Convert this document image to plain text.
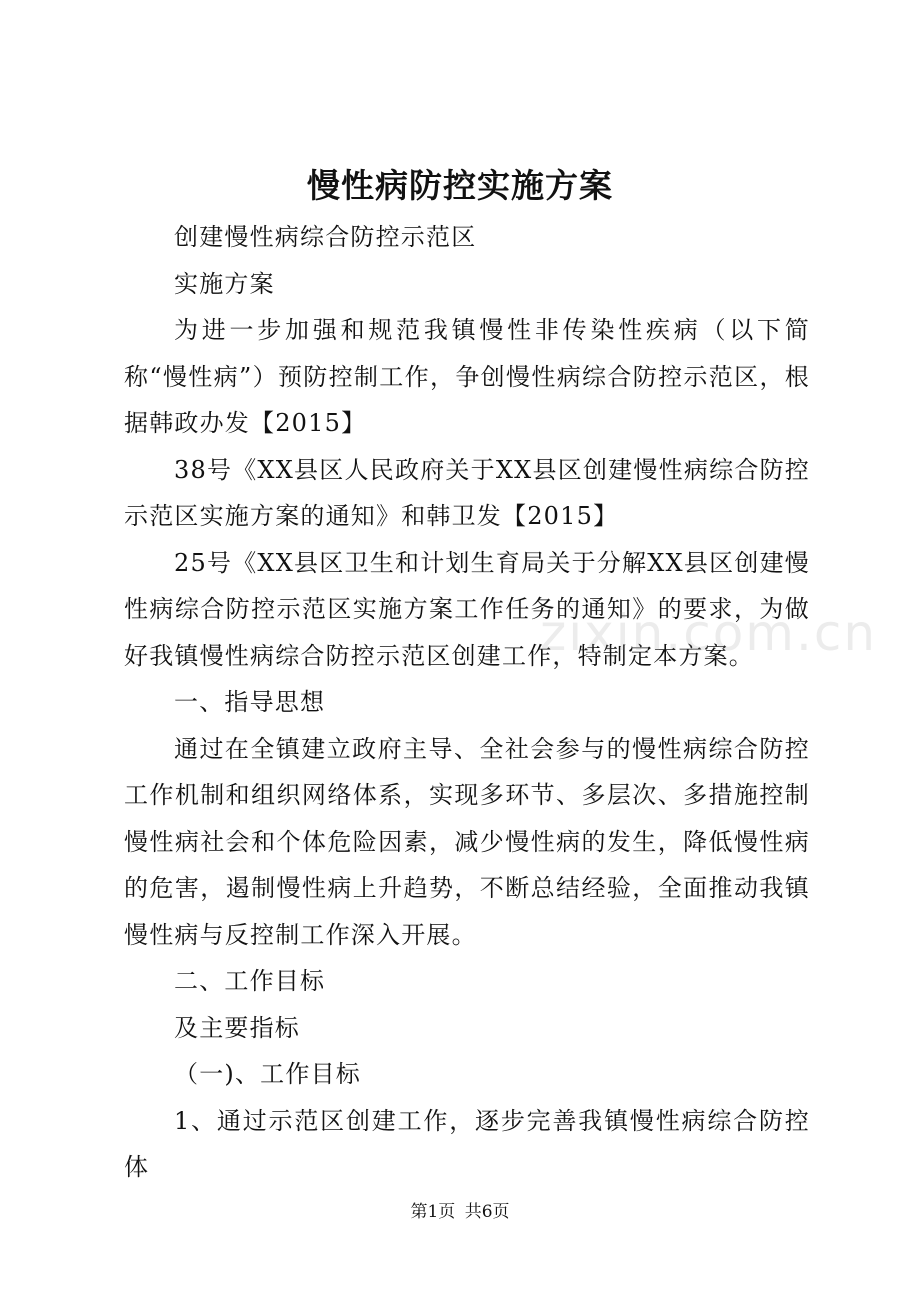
慢性病防控实施方案

创建慢性病综合防控示范区

实施方案

为进一步加强和规范我镇慢性非传染性疾病（以下简称“慢性病”）预防控制工作，争创慢性病综合防控示范区，根据韩政办发【2015】

38号《XX县区人民政府关于XX县区创建慢性病综合防控示范区实施方案的通知》和韩卫发【2015】

25号《XX县区卫生和计划生育局关于分解XX县区创建慢性病综合防控示范区实施方案工作任务的通知》的要求，为做好我镇慢性病综合防控示范区创建工作，特制定本方案。

一、指导思想

通过在全镇建立政府主导、全社会参与的慢性病综合防控工作机制和组织网络体系，实现多环节、多层次、多措施控制慢性病社会和个体危险因素，减少慢性病的发生，降低慢性病的危害，遏制慢性病上升趋势，不断总结经验，全面推动我镇慢性病与反控制工作深入开展。

二、工作目标

及主要指标

（一)、工作目标

1、通过示范区创建工作，逐步完善我镇慢性病综合防控体

zixin.com.cn
第1页 共6页
